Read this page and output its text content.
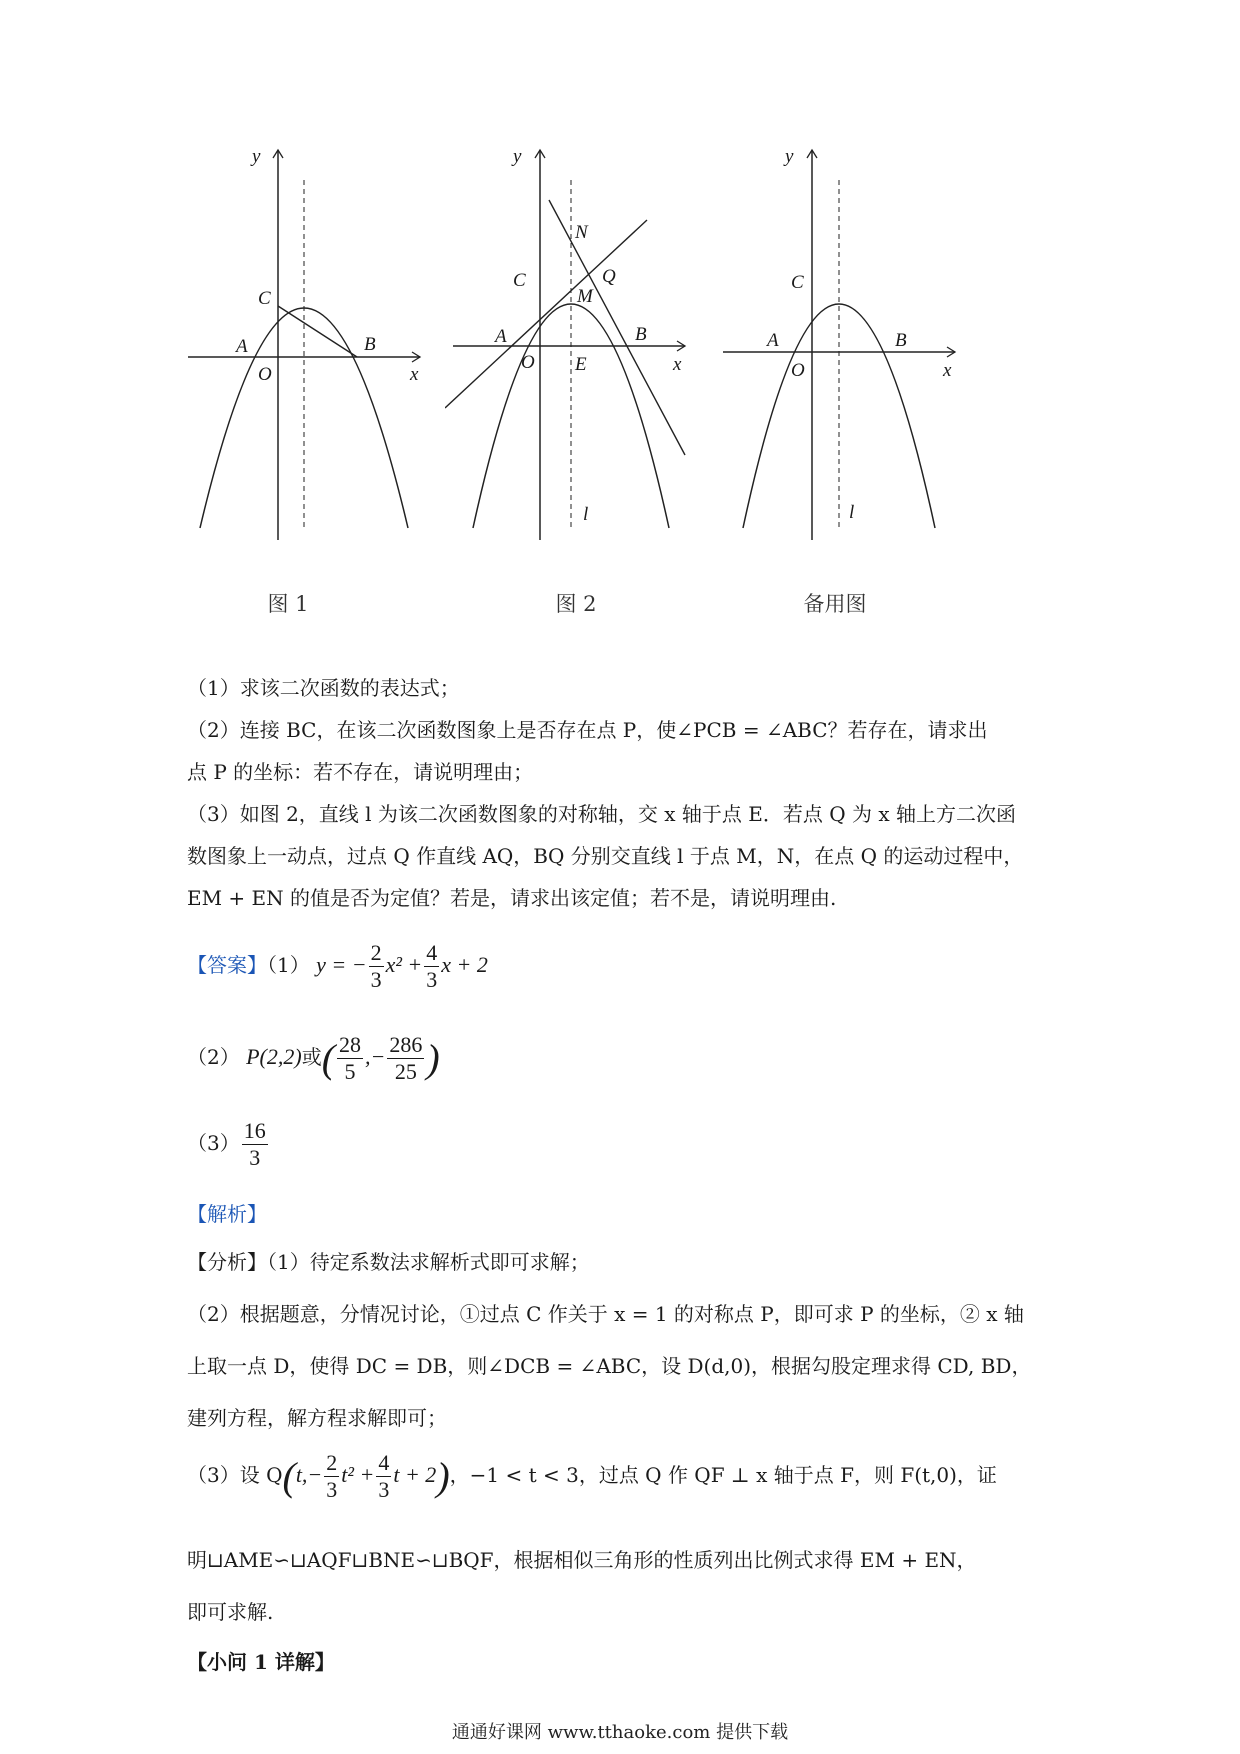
y
x
C
A
O
B
y
x
C
A
O
B
N
Q
M
E
l
y
x
C
A
O
B
l
图 1	图 2	备用图
（1）求该二次函数的表达式；
（2）连接 BC，在该二次函数图象上是否存在点 P，使∠PCB = ∠ABC？若存在，请求出
点 P 的坐标：若不存在，请说明理由；
（3）如图 2，直线 l 为该二次函数图象的对称轴，交 x 轴于点 E．若点 Q 为 x 轴上方二次函
数图象上一动点，过点 Q 作直线 AQ，BQ 分别交直线 l 于点 M，N，在点 Q 的运动过程中，
EM + EN 的值是否为定值？若是，请求出该定值；若不是，请说明理由.
【答案】（1） y = − $\frac{2}{3} x^2 + \frac{4}{3}$ x + 2
（2） P(2,2)或( $\frac{28}{5}$ ,− $\frac{286}{25}$ )
$(3) \frac{16}{3}$
【解析】
【分析】（1）待定系数法求解析式即可求解；
（2）根据题意，分情况讨论，①过点 C 作关于 x = 1 的对称点 P，即可求 P 的坐标，② x 轴
上取一点 D，使得 DC = DB，则∠DCB = ∠ABC，设 D(d,0)，根据勾股定理求得 CD, BD，
建列方程，解方程求解即可；
（3）设 $Q(t,- \frac{2}{3} t^2 + \frac{4}{3}$ t + 2)，−1 < t < 3，过点 Q 作 QF ⊥ x 轴于点 F，则 F(t,0)，证
明⊔AME∽⊔AQF⊔BNE∽⊔BQF，根据相似三角形的性质列出比例式求得 EM + EN，
即可求解.
【小问 1 详解】
通通好课网 www.tthaoke.com 提供下载
